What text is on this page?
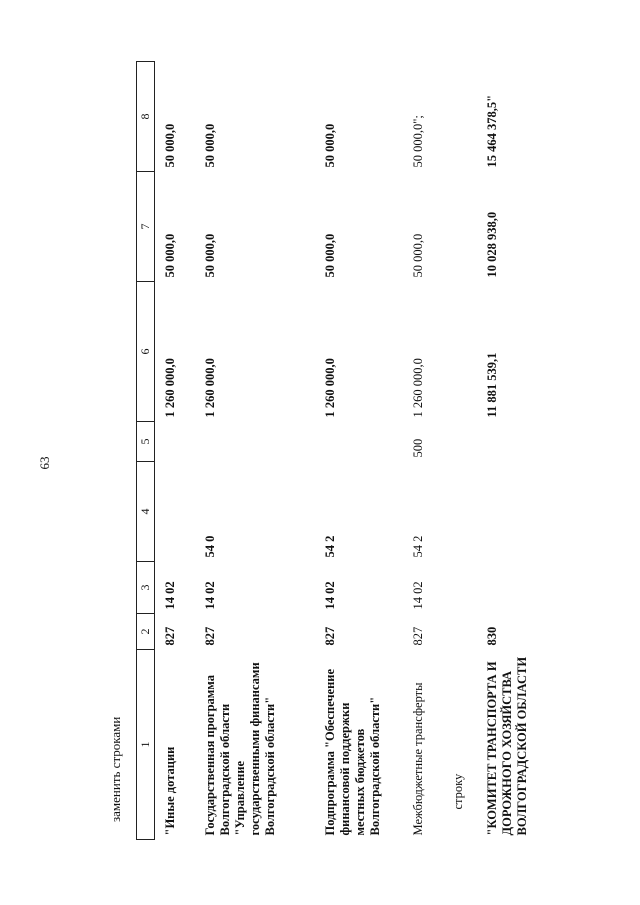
63
заменить строками 1	2	3	4	5	6	7	8
"Иные дотации	827	14 02			1 260 000,0	50 000,0	50 000,0
Государственная программа Волгоградской области "Управление государственными финансами Волгоградской области"	827	14 02	54 0		1 260 000,0	50 000,0	50 000,0
Подпрограмма "Обеспечение финансовой поддержки местных бюджетов Волгоградской области"	827	14 02	54 2		1 260 000,0	50 000,0	50 000,0
Межбюджетные трансферты	827	14 02	54 2	500	1 260 000,0	50 000,0	50 000,0";
строку							
"КОМИТЕТ ТРАНСПОРТА И ДОРОЖНОГО ХОЗЯЙСТВА ВОЛГОГРАДСКОЙ ОБЛАСТИ	830				11 881 539,1	10 028 938,0	15 464 378,5"
